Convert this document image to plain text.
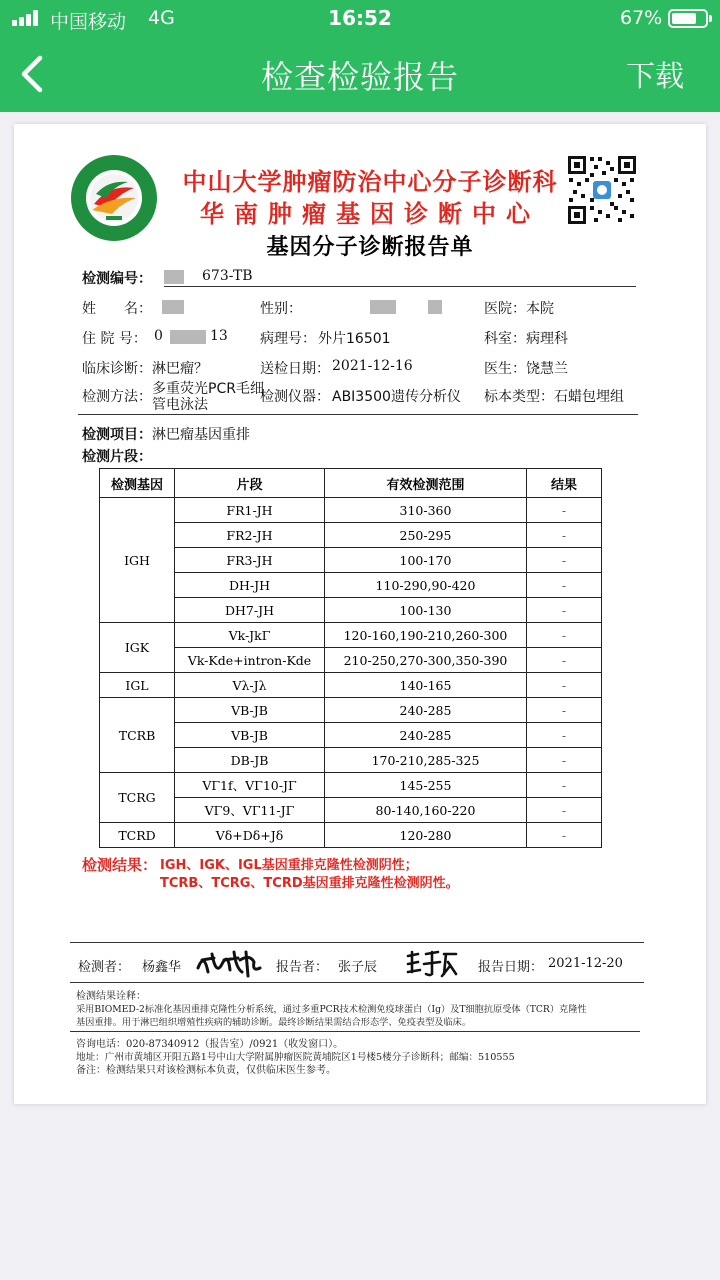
中国移动 4G	16:52	67%
检查检验报告	下载
中山大学肿瘤防治中心分子诊断科
华南肿瘤基因诊断中心
基因分子诊断报告单
检测编号：	673-TB
姓　　名：	性别：	医院： 本院
住 院 号： 0	13 病理号： 外片16501	科室： 病理科
临床诊断： 淋巴瘤？	送检日期： 2021-12-16	医生： 饶慧兰
检测方法： 多重荧光PCR毛细
管电泳法	检测仪器： ABI3500遗传分析仪 标本类型： 石蜡包埋组
检测项目： 淋巴瘤基因重排
检测片段：
检测基因	片段	有效检测范围	结果
IGH	FR1-JH	310-360	-
	FR2-JH	250-295	-
	FR3-JH	100-170	-
	DH-JH	110-290,90-420	-
	DH7-JH	100-130	-
IGK	Vk-JkΓ	120-160,190-210,260-300	-
	Vk-Kde+intron-Kde	210-250,270-300,350-390	-
IGL	Vλ-Jλ	140-165	-
TCRB	VB-JB	240-285	-
	VB-JB	240-285	-
	DB-JB	170-210,285-325	-
TCRG	VΓ1f、VΓ10-JΓ	145-255	-
	VΓ9、VΓ11-JΓ	80-140,160-220	-
TCRD	Vδ+Dδ+Jδ	120-280	-
检测结果： IGH、IGK、IGL基因重排克隆性检测阴性；
TCRB、TCRG、TCRD基因重排克隆性检测阴性。
检测者： 杨鑫华	报告者： 张子辰	报告日期： 2021-12-20
检测结果诠释：
采用BIOMED-2标准化基因重排克隆性分析系统，通过多重PCR技术检测免疫球蛋白（Ig）及T细胞抗原受体（TCR）克隆性
基因重排。用于淋巴组织增殖性疾病的辅助诊断。最终诊断结果需结合形态学、免疫表型及临床。
咨询电话：020-87340912（报告室）/0921（收发窗口）。
地址：广州市黄埔区开阳五路1号中山大学附属肿瘤医院黄埔院区1号楼5楼分子诊断科；邮编：510555
备注：检测结果只对该检测标本负责，仅供临床医生参考。
